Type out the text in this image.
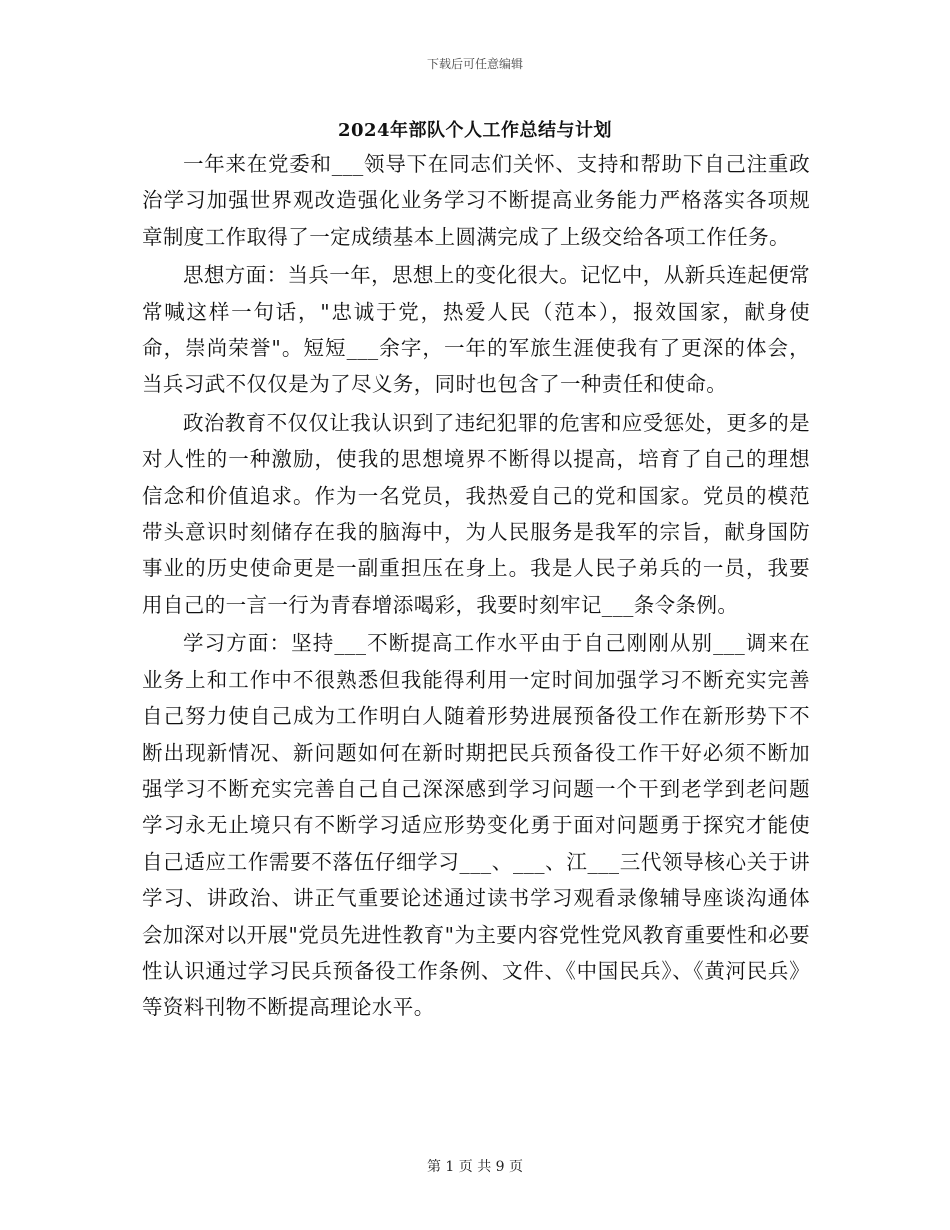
下载后可任意编辑
2024年部队个人工作总结与计划

一年来在党委和___领导下在同志们关怀、支持和帮助下自己注重政治学习加强世界观改造强化业务学习不断提高业务能力严格落实各项规章制度工作取得了一定成绩基本上圆满完成了上级交给各项工作任务。

思想方面：当兵一年，思想上的变化很大。记忆中，从新兵连起便常常喊这样一句话，"忠诚于党，热爱人民（范本），报效国家，献身使命，崇尚荣誉"。短短___余字，一年的军旅生涯使我有了更深的体会，当兵习武不仅仅是为了尽义务，同时也包含了一种责任和使命。

政治教育不仅仅让我认识到了违纪犯罪的危害和应受惩处，更多的是对人性的一种激励，使我的思想境界不断得以提高，培育了自己的理想信念和价值追求。作为一名党员，我热爱自己的党和国家。党员的模范带头意识时刻储存在我的脑海中，为人民服务是我军的宗旨，献身国防事业的历史使命更是一副重担压在身上。我是人民子弟兵的一员，我要用自己的一言一行为青春增添喝彩，我要时刻牢记___条令条例。

学习方面：坚持___不断提高工作水平由于自己刚刚从别___调来在业务上和工作中不很熟悉但我能得利用一定时间加强学习不断充实完善自己努力使自己成为工作明白人随着形势进展预备役工作在新形势下不断出现新情况、新问题如何在新时期把民兵预备役工作干好必须不断加强学习不断充实完善自己自己深深感到学习问题一个干到老学到老问题学习永无止境只有不断学习适应形势变化勇于面对问题勇于探究才能使自己适应工作需要不落伍仔细学习___、___、江___三代领导核心关于讲学习、讲政治、讲正气重要论述通过读书学习观看录像辅导座谈沟通体会加深对以开展"党员先进性教育"为主要内容党性党风教育重要性和必要性认识通过学习民兵预备役工作条例、文件、《中国民兵》、《黄河民兵》等资料刊物不断提高理论水平。

第 1 页 共 9 页
